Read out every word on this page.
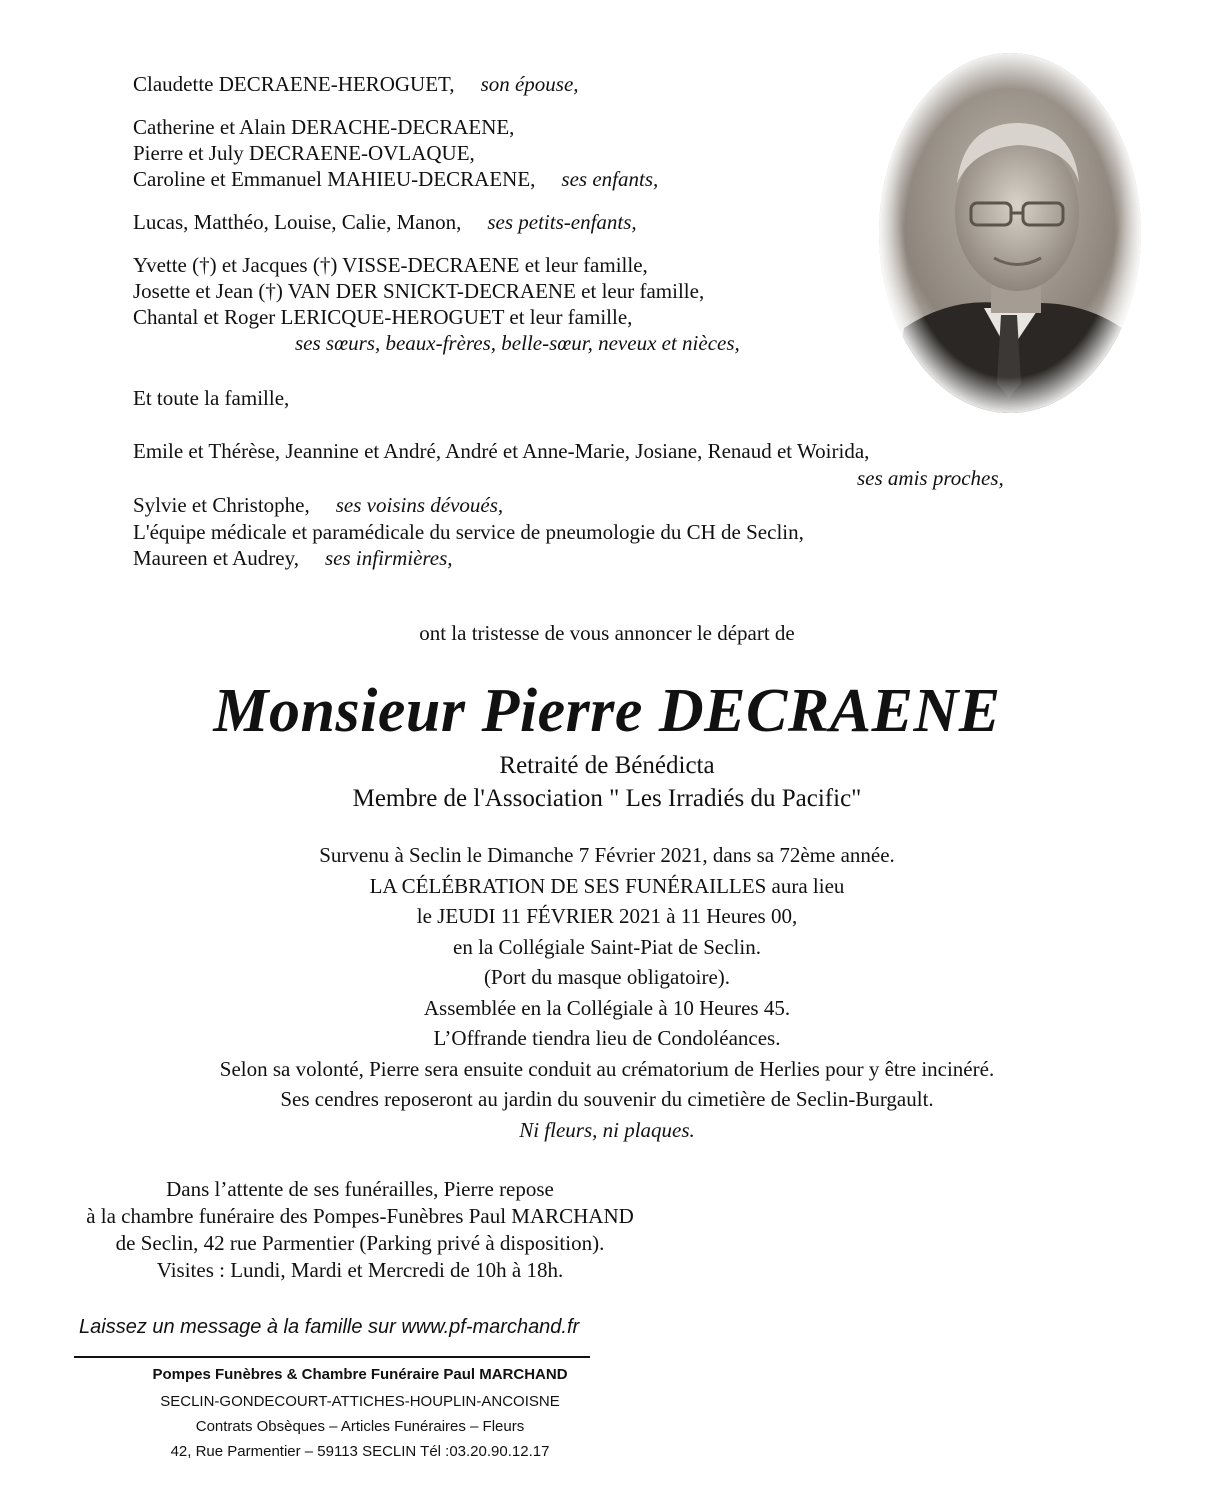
Claudette DECRAENE-HEROGUET, son épouse,
Catherine et Alain DERACHE-DECRAENE,
Pierre et July DECRAENE-OVLAQUE,
Caroline et Emmanuel MAHIEU-DECRAENE, ses enfants,
Lucas, Matthéo, Louise, Calie, Manon, ses petits-enfants,
Yvette (†) et Jacques (†) VISSE-DECRAENE et leur famille,
Josette et Jean (†) VAN DER SNICKT-DECRAENE et leur famille,
Chantal et Roger LERICQUE-HEROGUET et leur famille,
ses sœurs, beaux-frères, belle-sœur, neveux et nièces,
Et toute la famille,
Emile et Thérèse, Jeannine et André, André et Anne-Marie, Josiane, Renaud et Woirida,
ses amis proches,
Sylvie et Christophe, ses voisins dévoués,
L'équipe médicale et paramédicale du service de pneumologie du CH de Seclin,
Maureen et Audrey, ses infirmières,
ont la tristesse de vous annoncer le départ de
Monsieur Pierre DECRAENE
Retraité de Bénédicta
Membre de l'Association " Les Irradiés du Pacific"
Survenu à Seclin le Dimanche 7 Février 2021, dans sa 72ème année.
LA CÉLÉBRATION DE SES FUNÉRAILLES aura lieu
le JEUDI 11 FÉVRIER 2021 à 11 Heures 00,
en la Collégiale Saint-Piat de Seclin.
(Port du masque obligatoire).
Assemblée en la Collégiale à 10 Heures 45.
L’Offrande tiendra lieu de Condoléances.
Selon sa volonté, Pierre sera ensuite conduit au crématorium de Herlies pour y être incinéré.
Ses cendres reposeront au jardin du souvenir du cimetière de Seclin-Burgault.
Ni fleurs, ni plaques.
Dans l’attente de ses funérailles, Pierre repose
à la chambre funéraire des Pompes-Funèbres Paul MARCHAND
de Seclin, 42 rue Parmentier (Parking privé à disposition).
Visites : Lundi, Mardi et Mercredi de 10h à 18h.
Laissez un message à la famille sur www.pf-marchand.fr
Pompes Funèbres & Chambre Funéraire Paul MARCHAND
SECLIN-GONDECOURT-ATTICHES-HOUPLIN-ANCOISNE
Contrats Obsèques – Articles Funéraires – Fleurs
42, Rue Parmentier – 59113 SECLIN Tél :03.20.90.12.17
